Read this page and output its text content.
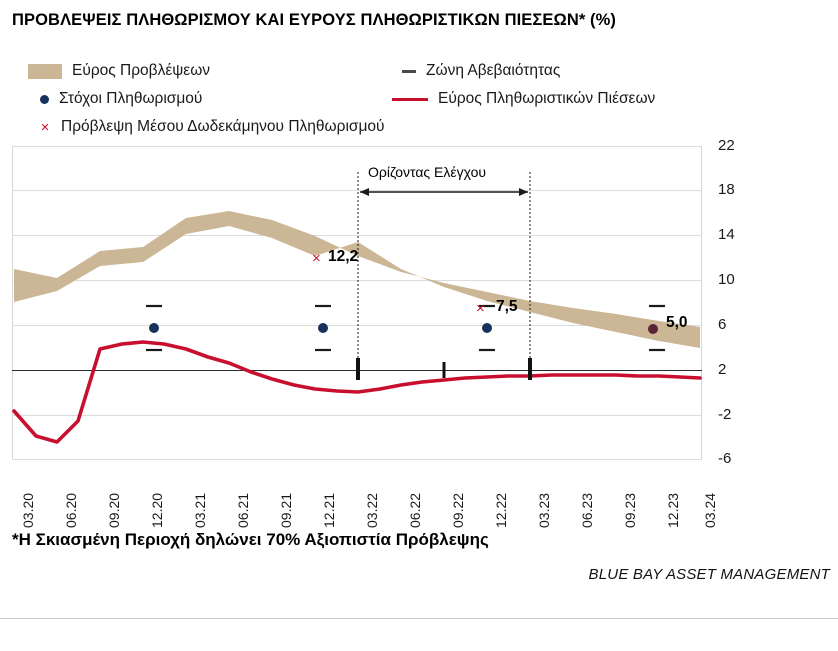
ΠΡΟΒΛΕΨΕΙΣ ΠΛΗΘΩΡΙΣΜΟΥ ΚΑΙ ΕΥΡΟΥΣ ΠΛΗΘΩΡΙΣΤΙΚΩΝ ΠΙΕΣΕΩΝ* (%)
Εύρος Προβλέψεων	Ζώνη Αβεβαιότητας
Στόχοι Πληθωρισμού	Εύρος Πληθωριστικών Πιέσεων
× Πρόβλεψη Μέσου Δωδεκάμηνου Πληθωρισμού
×
×
Ορίζοντας Ελέγχου
12,2
7,5
5,0
22
18
14
10
6
2
-2
-6
03.20 06.20 09.20 12.20 03.21 06.21 09.21 12.21 03.22 06.22 09.22 12.22 03.23 06.23 09.23 12.23 03.24
*Η Σκιασμένη Περιοχή δηλώνει 70% Αξιοπιστία Πρόβλεψης
BLUE BAY ASSET MANAGEMENT
